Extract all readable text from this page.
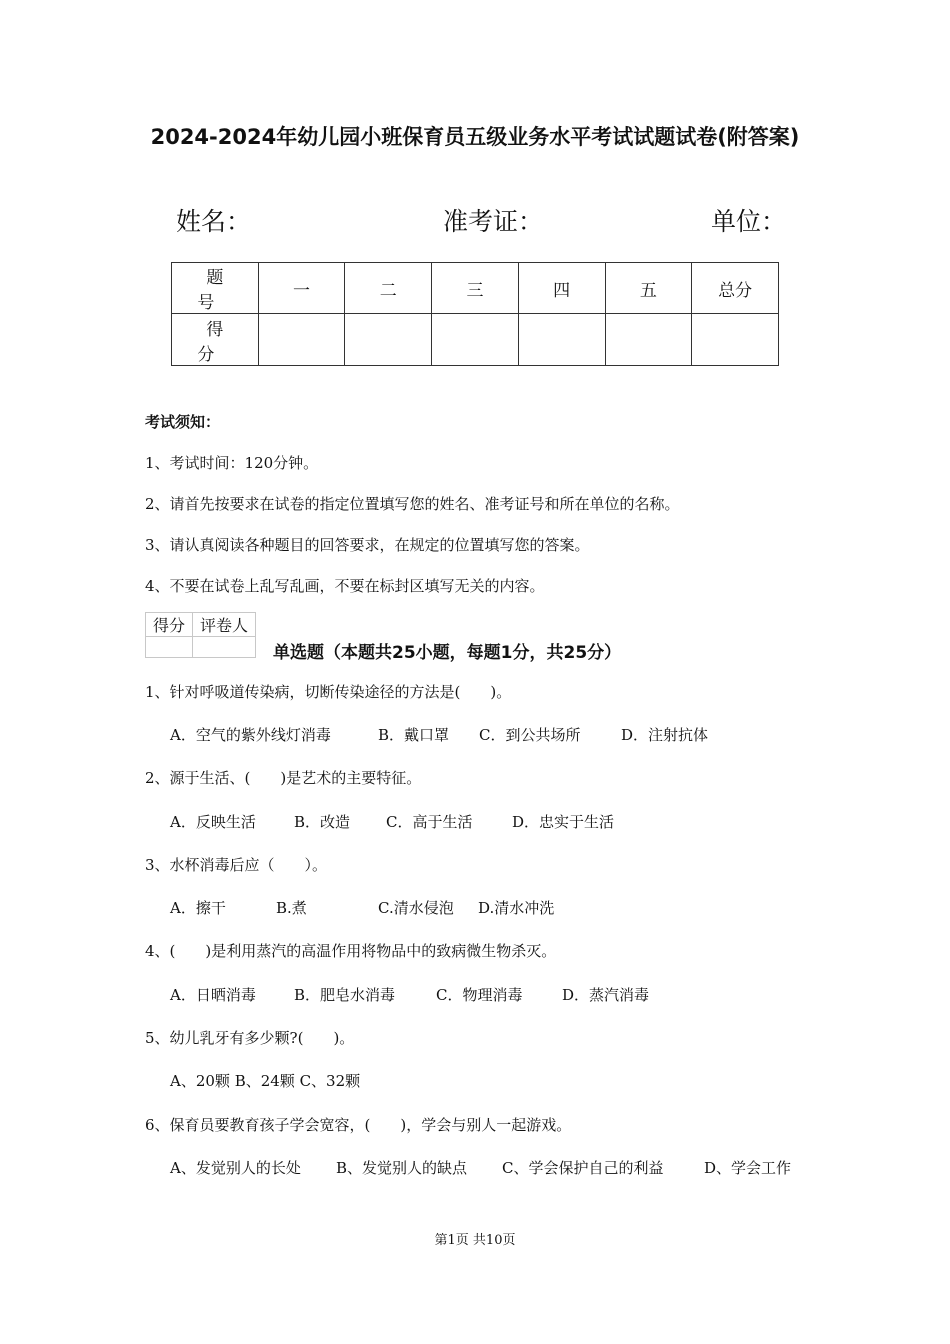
2024-2024年幼儿园小班保育员五级业务水平考试试题试卷(附答案)
姓名：	准考证：	单位：
题　号	一	二	三	四	五	总分
得　分						
考试须知：
1、考试时间：120分钟。
2、请首先按要求在试卷的指定位置填写您的姓名、准考证号和所在单位的名称。
3、请认真阅读各种题目的回答要求，在规定的位置填写您的答案。
4、不要在试卷上乱写乱画，不要在标封区填写无关的内容。
得分	评卷人

单选题（本题共25小题，每题1分，共25分）
1、针对呼吸道传染病，切断传染途径的方法是(　　)。
A．空气的紫外线灯消毒	B．戴口罩 C．到公共场所	D．注射抗体
2、源于生活、(　　)是艺术的主要特征。
A．反映生活	B．改造 C．高于生活	D．忠实于生活
3、水杯消毒后应（　　）。
A．擦干	B.煮	C.清水侵泡 D.清水冲洗
4、(　　)是利用蒸汽的高温作用将物品中的致病微生物杀灭。
A．日晒消毒	B．肥皂水消毒	C．物理消毒	D．蒸汽消毒
5、幼儿乳牙有多少颗?(　　)。
A、20颗 B、24颗 C、32颗
6、保育员要教育孩子学会宽容，(　　)，学会与别人一起游戏。
A、发觉别人的长处 B、发觉别人的缺点 C、学会保护自己的利益	D、学会工作
第1页 共10页
